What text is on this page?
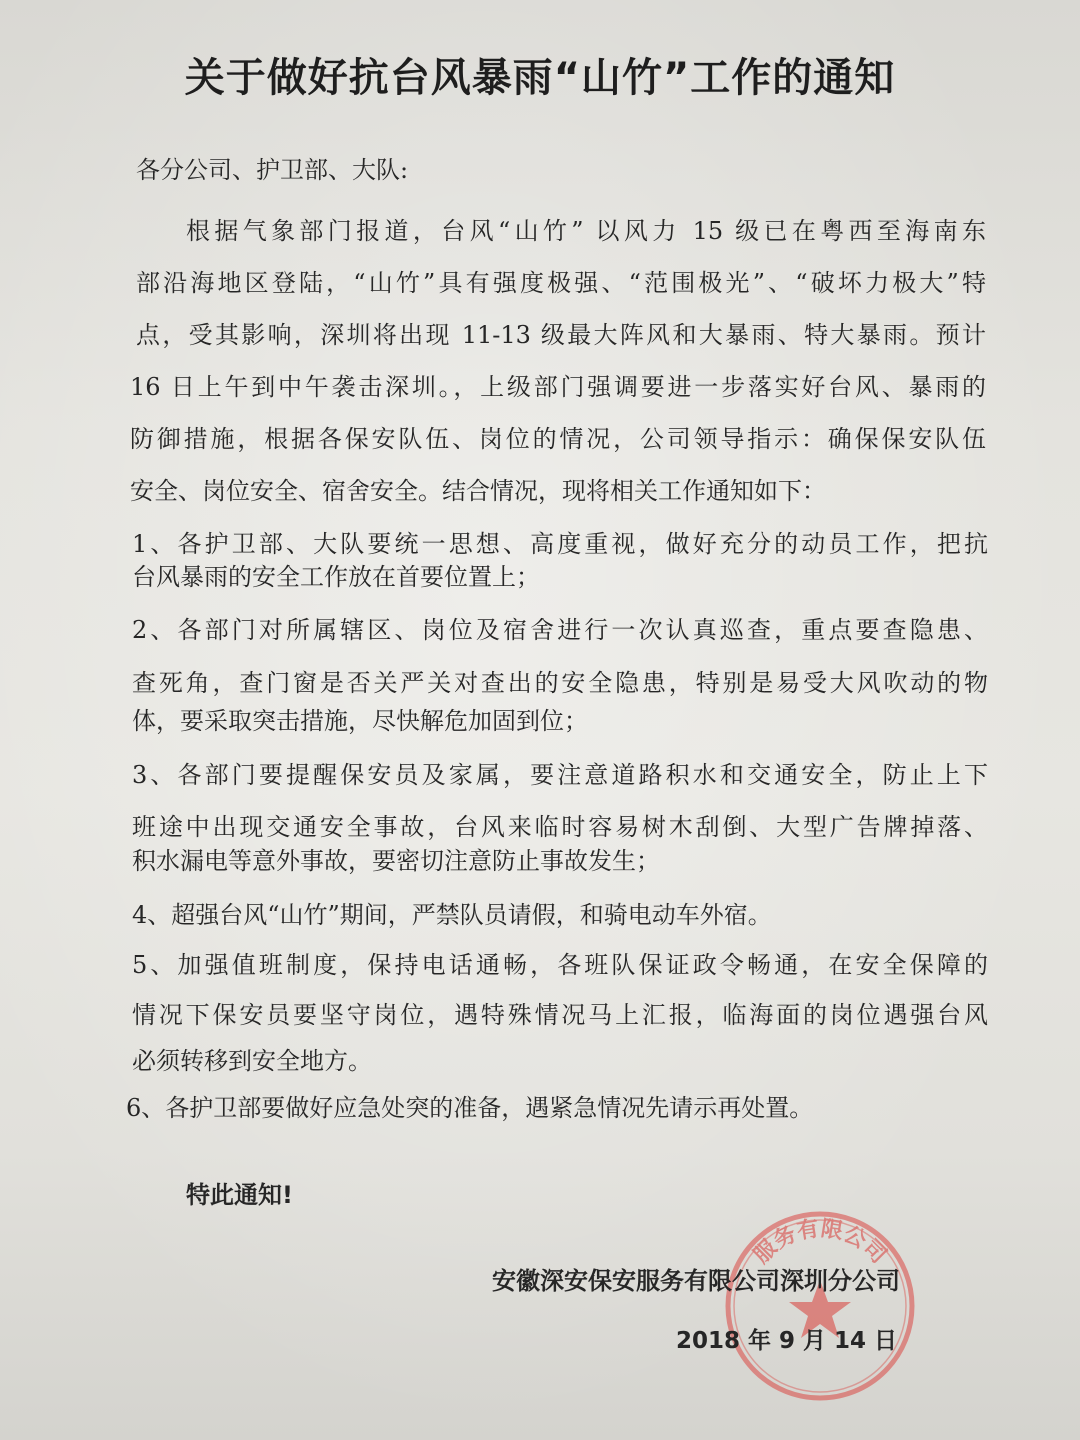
关于做好抗台风暴雨“山竹”工作的通知
各分公司、护卫部、大队:
根据气象部门报道，台风“山竹” 以风力 15 级已在粤西至海南东
部沿海地区登陆，“山竹”具有强度极强、“范围极光”、“破坏力极大”特
点，受其影响，深圳将出现 11-13 级最大阵风和大暴雨、特大暴雨。预计
16 日上午到中午袭击深圳。，上级部门强调要进一步落实好台风、暴雨的
防御措施，根据各保安队伍、岗位的情况，公司领导指示：确保保安队伍
安全、岗位安全、宿舍安全。结合情况，现将相关工作通知如下：
1、各护卫部、大队要统一思想、高度重视，做好充分的动员工作，把抗
台风暴雨的安全工作放在首要位置上；
2、各部门对所属辖区、岗位及宿舍进行一次认真巡查，重点要查隐患、
查死角，查门窗是否关严关对查出的安全隐患，特别是易受大风吹动的物
体，要采取突击措施，尽快解危加固到位；
3、各部门要提醒保安员及家属，要注意道路积水和交通安全，防止上下
班途中出现交通安全事故，台风来临时容易树木刮倒、大型广告牌掉落、
积水漏电等意外事故，要密切注意防止事故发生；
4、超强台风“山竹”期间，严禁队员请假，和骑电动车外宿。
5、加强值班制度，保持电话通畅，各班队保证政令畅通，在安全保障的
情况下保安员要坚守岗位，遇特殊情况马上汇报，临海面的岗位遇强台风
必须转移到安全地方。
6、各护卫部要做好应急处突的准备，遇紧急情况先请示再处置。
特此通知!
服务有限公司
安徽深安保安服务有限公司深圳分公司
2018 年 9 月 14 日
